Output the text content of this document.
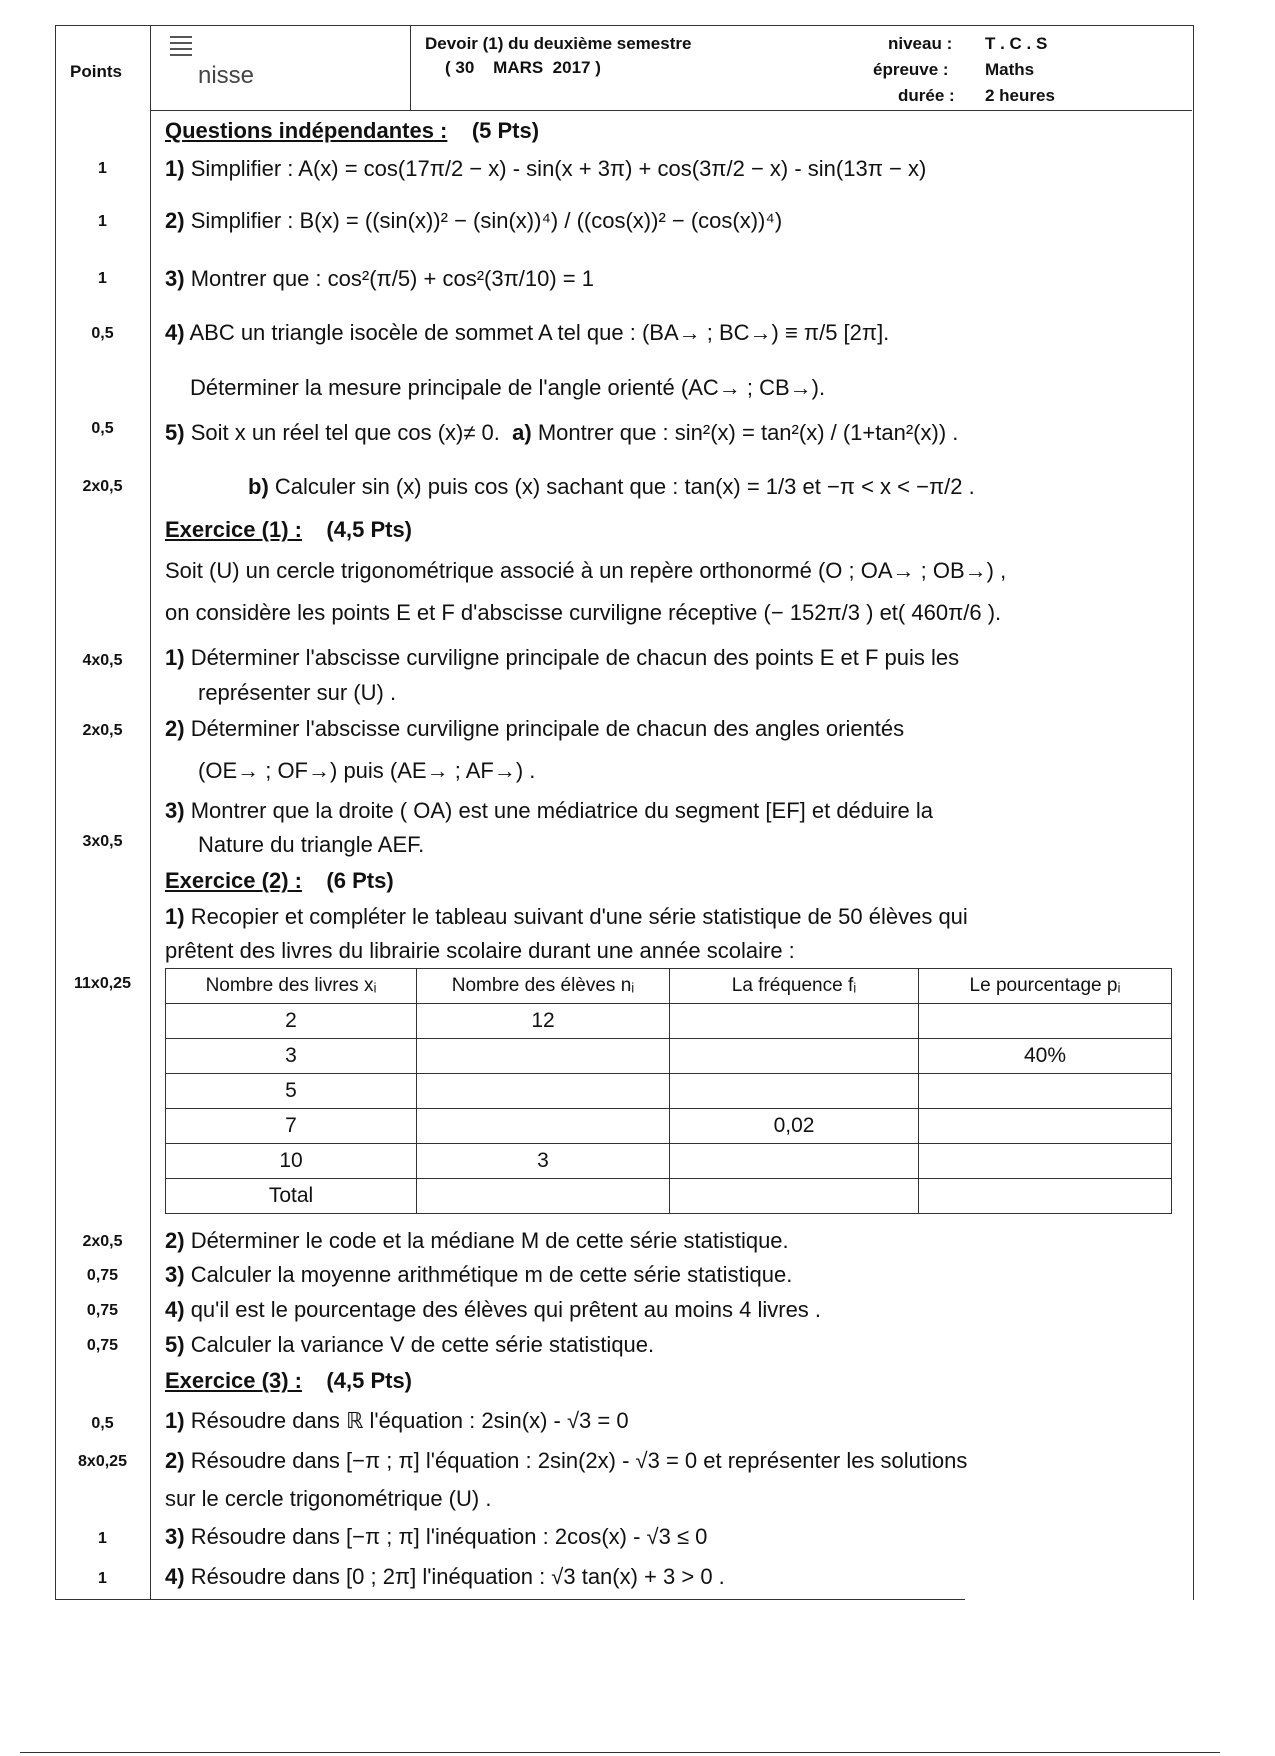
Points	nisse
Devoir (1) du deuxième semestre
( 30    MARS  2017 )
niveau : T . C . S
épreuve : Maths
durée : 2 heures
Questions indépendantes : (5 Pts)
1	1) Simplifier : A(x) = cos(17π/2 − x) - sin(x + 3π) + cos(3π/2 − x) - sin(13π − x)
1	2) Simplifier : B(x) = ((sin(x))² − (sin(x))⁴) / ((cos(x))² − (cos(x))⁴)
1	3) Montrer que : cos²(π/5) + cos²(3π/10) = 1
0,5	4) ABC un triangle isocèle de sommet A tel que : (BA→ ; BC→) ≡ π/5 [2π].
Déterminer la mesure principale de l'angle orienté (AC→ ; CB→).
0,5	5) Soit x un réel tel que cos (x)≠ 0. a) Montrer que : sin²(x) = tan²(x) / (1+tan²(x)) .
2x0,5	b) Calculer sin (x) puis cos (x) sachant que : tan(x) = 1/3 et −π < x < −π/2 .
Exercice (1) : (4,5 Pts)
Soit (U) un cercle trigonométrique associé à un repère orthonormé (O ; OA→ ; OB→) ,
on considère les points E et F d'abscisse curviligne réceptive (− 152π/3 ) et( 460π/6 ).
4x0,5	1) Déterminer l'abscisse curviligne principale de chacun des points E et F puis les
représenter sur (U) .
2x0,5	2) Déterminer l'abscisse curviligne principale de chacun des angles orientés
(OE→ ; OF→) puis (AE→ ; AF→) .
3) Montrer que la droite ( OA) est une médiatrice du segment [EF] et déduire la
3x0,5	Nature du triangle AEF.
Exercice (2) : (6 Pts)
1) Recopier et compléter le tableau suivant d'une série statistique de 50 élèves qui
prêtent des livres du librairie scolaire durant une année scolaire :
11x0,25	Nombre des livres xᵢ	Nombre des élèves nᵢ	La fréquence fᵢ	Le pourcentage pᵢ
2	12		
3			40%
5			
7		0,02	
10	3		
Total			
2x0,5	2) Déterminer le code et la médiane M de cette série statistique.
0,75	3) Calculer la moyenne arithmétique m de cette série statistique.
0,75	4) qu'il est le pourcentage des élèves qui prêtent au moins 4 livres .
0,75	5) Calculer la variance V de cette série statistique.
Exercice (3) : (4,5 Pts)
0,5	1) Résoudre dans ℝ l'équation : 2sin(x) - √3 = 0
8x0,25	2) Résoudre dans [−π ; π] l'équation : 2sin(2x) - √3 = 0 et représenter les solutions
sur le cercle trigonométrique (U) .
1	3) Résoudre dans [−π ; π] l'inéquation : 2cos(x) - √3 ≤ 0
1	4) Résoudre dans [0 ; 2π] l'inéquation : √3 tan(x) + 3 > 0 .
